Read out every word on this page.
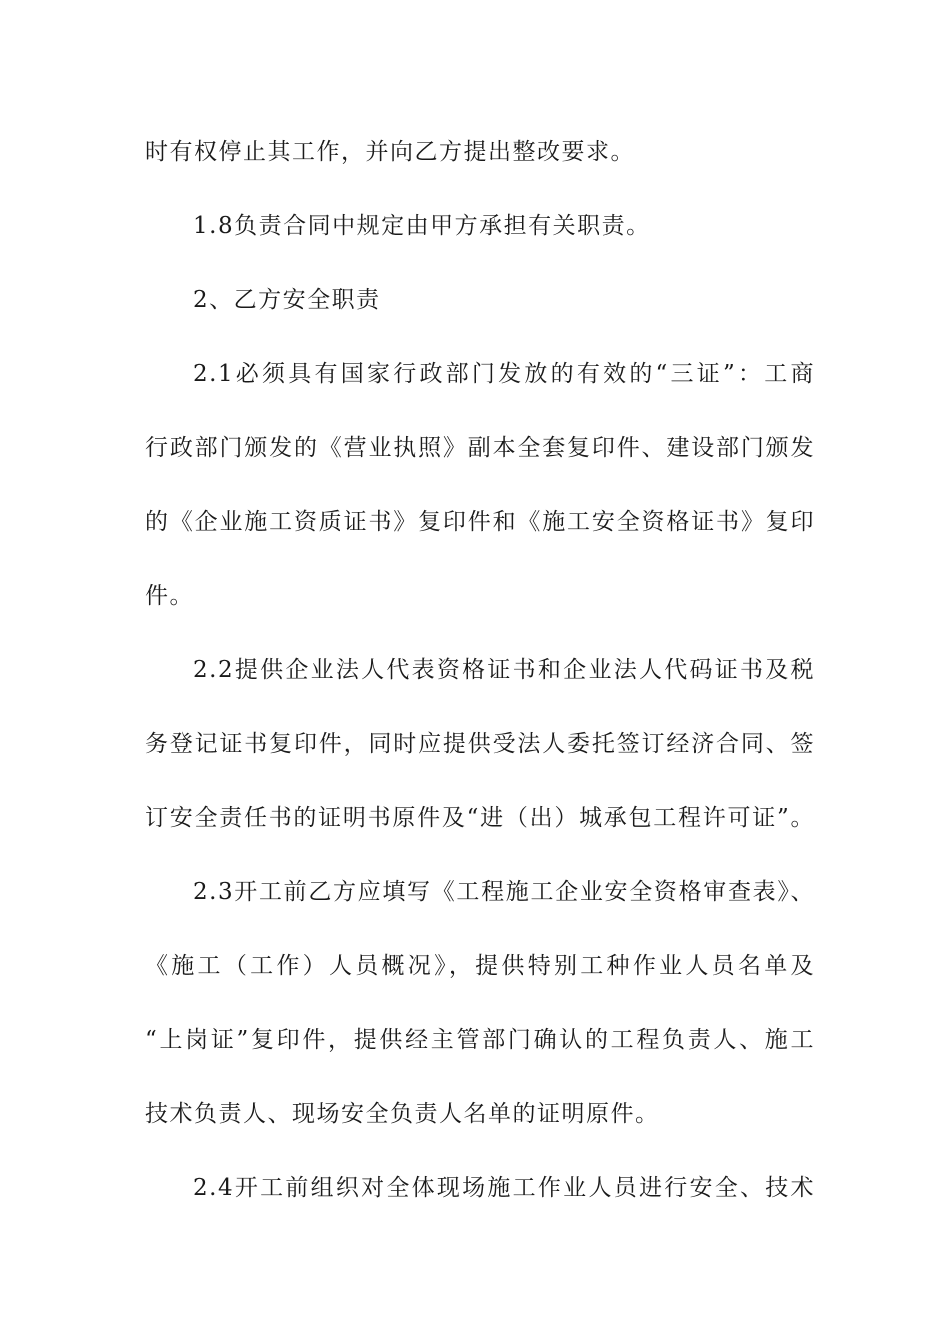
时有权停止其工作，并向乙方提出整改要求。
1.8负责合同中规定由甲方承担有关职责。
2、乙方安全职责
2.1必须具有国家行政部门发放的有效的“三证”：工商
行政部门颁发的《营业执照》副本全套复印件、建设部门颁发
的《企业施工资质证书》复印件和《施工安全资格证书》复印
件。
2.2提供企业法人代表资格证书和企业法人代码证书及税
务登记证书复印件，同时应提供受法人委托签订经济合同、签
订安全责任书的证明书原件及“进（出）城承包工程许可证”。
2.3开工前乙方应填写《工程施工企业安全资格审查表》、
《施工（工作）人员概况》，提供特别工种作业人员名单及
“上岗证”复印件，提供经主管部门确认的工程负责人、施工
技术负责人、现场安全负责人名单的证明原件。
2.4开工前组织对全体现场施工作业人员进行安全、技术
